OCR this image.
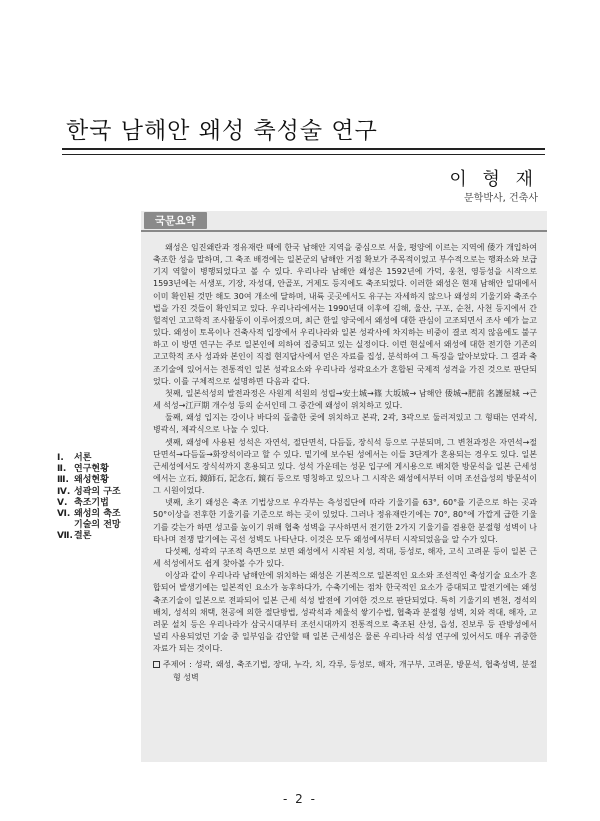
한국 남해안 왜성 축성술 연구
이 형 재
문학박사, 건축사
Ⅰ. 서론
Ⅱ. 연구현황
Ⅲ. 왜성현황
Ⅳ. 성곽의 구조
Ⅴ. 축조기법
Ⅵ. 왜성의 축조
기술의 전망
Ⅶ.결론
국문요약

왜성은 임진왜란과 정유재란 때에 한국 남해안 지역을 중심으로 서울, 평양에 이르는 지역에 倭가 개입하여 축조한 성을 말하며, 그 축조 배경에는 일본군의 남해안 거점 확보가 주목적이었고 부수적으로는 행좌소와 보급기지 역할이 병행되었다고 볼 수 있다. 우리나라 남해안 왜성은 1592년에 가덕, 웅천, 영등성을 시작으로 1593년에는 서생포, 기장, 자성대, 안골포, 거제도 등지에도 축조되었다. 이러한 왜성은 현재 남해안 일대에서 이미 확인된 것만 해도 30여 개소에 달하며, 내륙 곳곳에서도 유구는 자세하지 않으나 왜성의 기울기와 축조수법을 가진 것들이 확인되고 있다. 우리나라에서는 1990년대 이후에 김해, 울산, 구포, 순천, 사천 등지에서 간헐적인 고고학적 조사활동이 이루어졌으며, 최근 한일 양국에서 왜성에 대한 관심이 고조되면서 조사 예가 늘고 있다. 왜성이 토목이나 건축사적 입장에서 우리나라와 일본 성곽사에 차지하는 비중이 결코 적지 않음에도 불구하고 이 방면 연구는 주로 일본인에 의하여 집중되고 있는 실정이다. 이런 현실에서 왜성에 대한 전기한 기존의 고고학적 조사 성과와 본인이 직접 현지답사에서 얻은 자료를 집성, 분석하여 그 특징을 알아보았다. 그 결과 축조기술에 있어서는 전통적인 일본 성곽요소와 우리나라 성곽요소가 혼합된 국제적 성격을 가진 것으로 판단되었다. 이를 구체적으로 설명하면 다음과 같다.

첫째, 일본석성의 발전과정은 사원계 석원의 성립→安土城→篠 大坂城→ 남해안 倭城→肥前 名護屋城 →근세 석성→江戸期 개수성 등의 순서인데 그 중간에 왜성이 위치하고 있다.

둘째, 왜성 입지는 강이나 바다의 돌출한 곶에 위치하고 본곽, 2곽, 3곽으로 둘러져있고 그 형태는 연곽식, 병곽식, 제곽식으로 나눌 수 있다.

셋째, 왜성에 사용된 성석은 자연석, 절단면석, 다듬돌, 장식석 등으로 구분되며, 그 변천과정은 자연석→절단면석→다듬돌→화장석이라고 할 수 있다. 밑기에 보수된 성에서는 이들 3단계가 혼용되는 경우도 있다. 일본 근세성에서도 장식석까지 혼용되고 있다. 성석 가운데는 성문 입구에 게시용으로 배치한 방문석을 일본 근세성에서는 立石, 鏡師石, 記念石, 鏡石 등으로 명칭하고 있으나 그 시작은 왜성에서부터 이며 조선읍성의 방문석이 그 시원이었다.

넷째, 초기 왜성은 축조 기법상으로 우각부는 측성집단에 따라 기울기를 63°, 60°를 기준으로 하는 곳과 50°이상을 전후한 기울기를 기준으로 하는 곳이 있었다. 그러나 정유재란기에는 70°, 80°에 가깝게 급한 기울기를 갖는가 하면 성고를 높이기 위해 협축 성벽을 구사하면서 전기한 2가지 기울기를 겸용한 분절형 성벽이 나타나며 전쟁 말기에는 곡선 성벽도 나타난다. 이것은 모두 왜성에서부터 시작되었음을 알 수가 있다.

다섯째, 성곽의 구조적 측면으로 보면 왜성에서 시작된 치성, 적대, 등성로, 해자, 고식 고려문 등이 일본 근세 석성에서도 쉽게 찾아볼 수가 있다.

이상과 같이 우리나라 남해안에 위치하는 왜성은 기본적으로 일본적인 요소와 조선적인 축성기술 요소가 혼합되어 발생기에는 일본적인 요소가 농후하다가, 수축기에는 점차 한국적인 요소가 증대되고 말전기에는 왜성 축조기술이 일본으로 전파되어 일본 근세 석성 발전에 기여한 것으로 판단되었다. 특히 기울기의 변천, 경석의 배치, 성석의 채택, 천공에 의한 절단방법, 성곽석과 체울석 쌓기수법, 협축과 분절형 성벽, 치와 적대, 해자, 고려문 설치 등은 우리나라가 삼국시대부터 조선시대까지 전통적으로 축조된 산성, 읍성, 진보루 등 관방성에서 널리 사용되었던 기술 중 일부임을 감안할 때 일본 근세성은 물론 우리나라 석성 연구에 있어서도 매우 귀중한 자료가 되는 것이다.

주제어 : 성곽, 왜성, 축조기법, 장대, 누각, 치, 각루, 등성로, 해자, 개구부, 고려문, 방문석, 협축성벽, 분절형 성벽
- 2 -
